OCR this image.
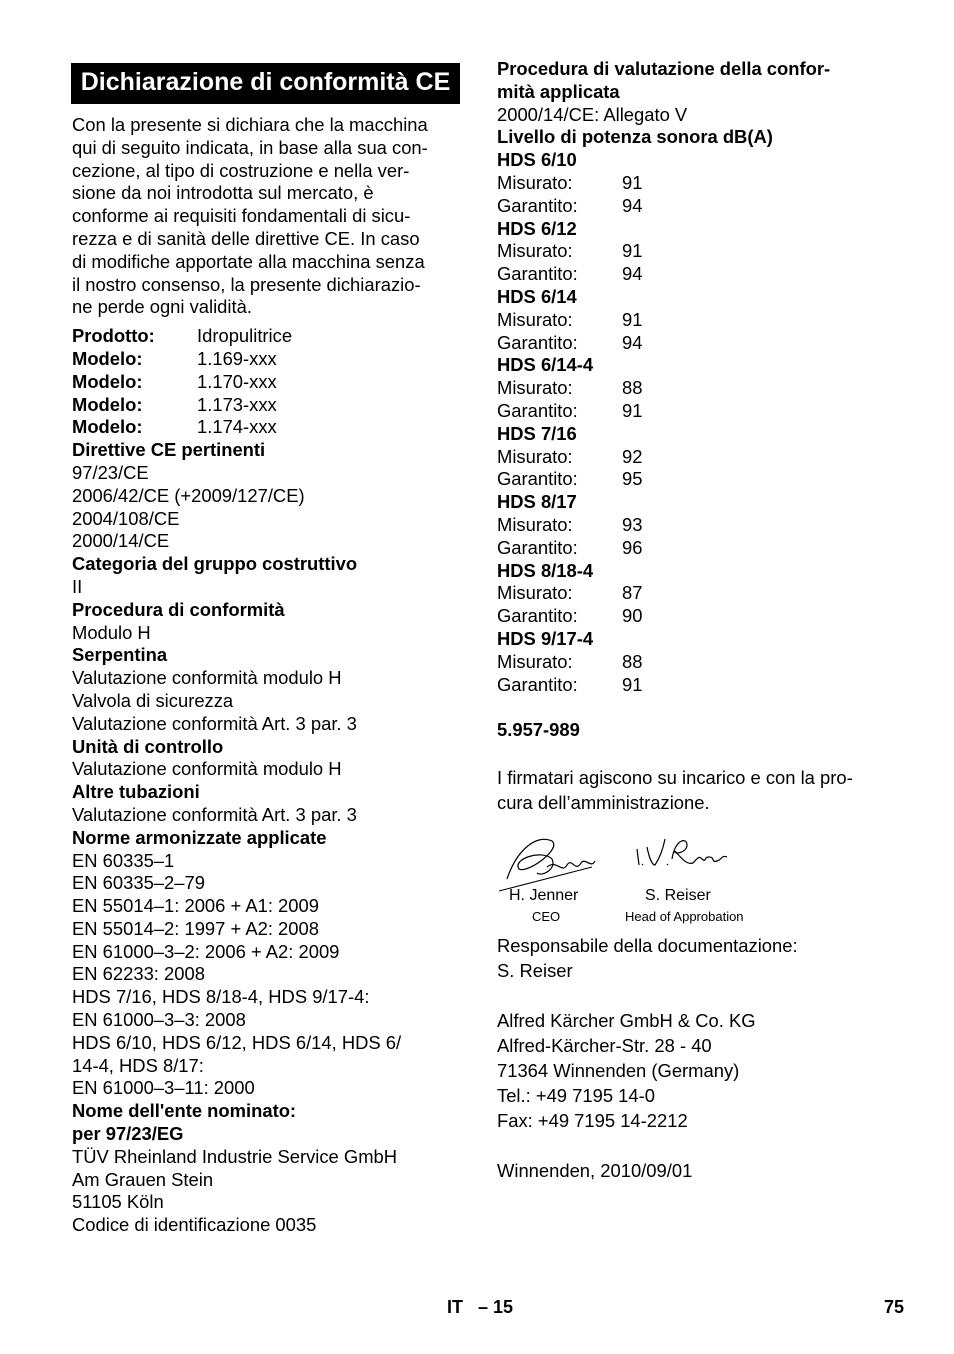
Dichiarazione di conformità CE
Con la presente si dichiara che la macchina
qui di seguito indicata, in base alla sua con-
cezione, al tipo di costruzione e nella ver-
sione da noi introdotta sul mercato, è
conforme ai requisiti fondamentali di sicu-
rezza e di sanità delle direttive CE. In caso
di modifiche apportate alla macchina senza
il nostro consenso, la presente dichiarazio-
ne perde ogni validità.
Prodotto: Idropulitrice
Modelo:	1.169-xxx
Modelo:	1.170-xxx
Modelo:	1.173-xxx
Modelo:	1.174-xxx
Direttive CE pertinenti
97/23/CE
2006/42/CE (+2009/127/CE)
2004/108/CE
2000/14/CE
Categoria del gruppo costruttivo
II
Procedura di conformità
Modulo H
Serpentina
Valutazione conformità modulo H
Valvola di sicurezza
Valutazione conformità Art. 3 par. 3
Unità di controllo
Valutazione conformità modulo H
Altre tubazioni
Valutazione conformità Art. 3 par. 3
Norme armonizzate applicate
EN 60335–1
EN 60335–2–79
EN 55014–1: 2006 + A1: 2009
EN 55014–2: 1997 + A2: 2008
EN 61000–3–2: 2006 + A2: 2009
EN 62233: 2008
HDS 7/16, HDS 8/18-4, HDS 9/17-4:
EN 61000–3–3: 2008
HDS 6/10, HDS 6/12, HDS 6/14, HDS 6/
14-4, HDS 8/17:
EN 61000–3–11: 2000
Nome dell'ente nominato:
per 97/23/EG
TÜV Rheinland Industrie Service GmbH
Am Grauen Stein
51105 Köln
Codice di identificazione 0035
Procedura di valutazione della confor-
mità applicata
2000/14/CE: Allegato V
Livello di potenza sonora dB(A)
HDS 6/10
Misurato:	91
Garantito: 94
HDS 6/12
Misurato:	91
Garantito: 94
HDS 6/14
Misurato:	91
Garantito: 94
HDS 6/14-4
Misurato:	88
Garantito: 91
HDS 7/16
Misurato:	92
Garantito: 95
HDS 8/17
Misurato:	93
Garantito: 96
HDS 8/18-4
Misurato:	87
Garantito: 90
HDS 9/17-4
Misurato:	88
Garantito: 91
5.957-989
I firmatari agiscono su incarico e con la pro-
cura dell’amministrazione.
H. Jenner
CEO
S. Reiser
Head of Approbation
Responsabile della documentazione:
S. Reiser
Alfred Kärcher GmbH & Co. KG
Alfred-Kärcher-Str. 28 - 40
71364 Winnenden (Germany)
Tel.: +49 7195 14-0
Fax: +49 7195 14-2212
Winnenden, 2010/09/01
IT – 15	75
